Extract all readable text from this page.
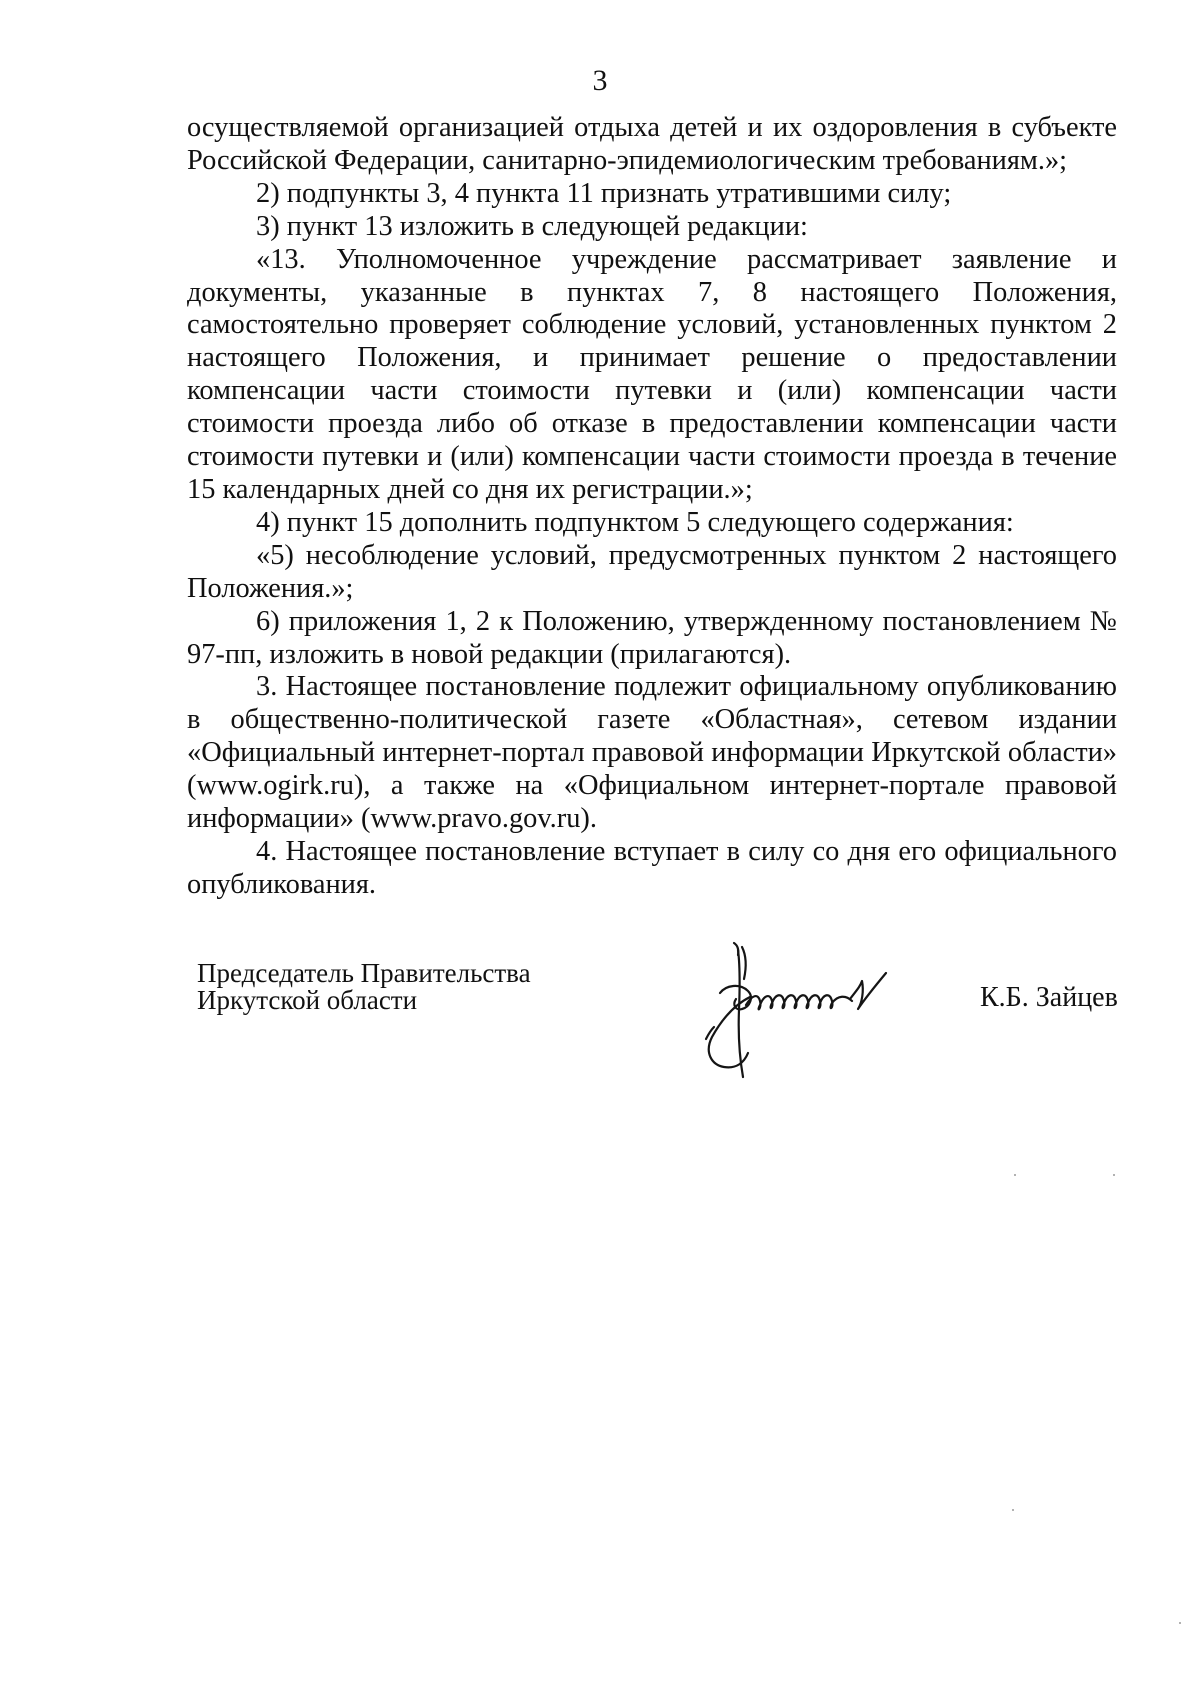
3

осуществляемой организацией отдыха детей и их оздоровления в субъекте Российской Федерации, санитарно-эпидемиологическим требованиям.»;

2) подпункты 3, 4 пункта 11 признать утратившими силу;

3) пункт 13 изложить в следующей редакции:

«13. Уполномоченное учреждение рассматривает заявление и документы, указанные в пунктах 7, 8 настоящего Положения, самостоятельно проверяет соблюдение условий, установленных пунктом 2 настоящего Положения, и принимает решение о предоставлении компенсации части стоимости путевки и (или) компенсации части стоимости проезда либо об отказе в предоставлении компенсации части стоимости путевки и (или) компенсации части стоимости проезда в течение 15 календарных дней со дня их регистрации.»;

4) пункт 15 дополнить подпунктом 5 следующего содержания:

«5) несоблюдение условий, предусмотренных пунктом 2 настоящего Положения.»;

6) приложения 1, 2 к Положению, утвержденному постановлением № 97-пп, изложить в новой редакции (прилагаются).

3. Настоящее постановление подлежит официальному опубликованию в общественно-политической газете «Областная», сетевом издании «Официальный интернет-портал правовой информации Иркутской области» (www.ogirk.ru), а также на «Официальном интернет-портале правовой информации» (www.pravo.gov.ru).

4. Настоящее постановление вступает в силу со дня его официального опубликования.

Председатель Правительства
Иркутской области	К.Б. Зайцев
